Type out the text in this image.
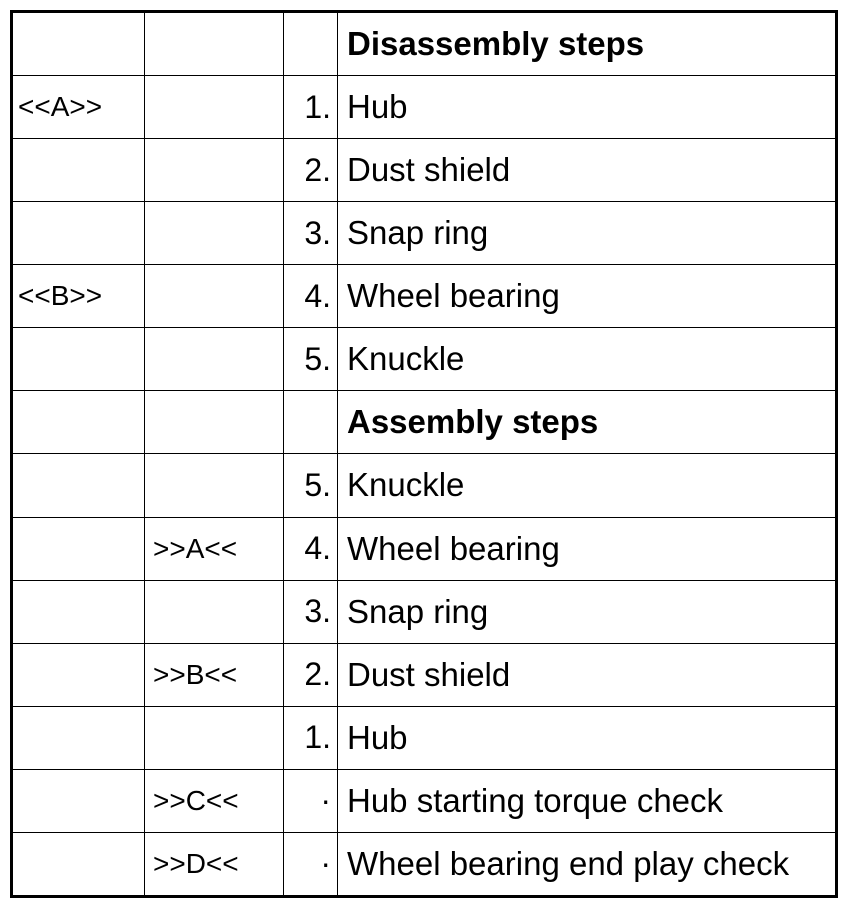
			Disassembly steps
<<A>>		1.	Hub
		2.	Dust shield
		3.	Snap ring
<<B>>		4.	Wheel bearing
		5.	Knuckle
			Assembly steps
		5.	Knuckle
	>>A<<	4.	Wheel bearing
		3.	Snap ring
	>>B<<	2.	Dust shield
		1.	Hub
	>>C<<	·	Hub starting torque check
	>>D<<	·	Wheel bearing end play check
